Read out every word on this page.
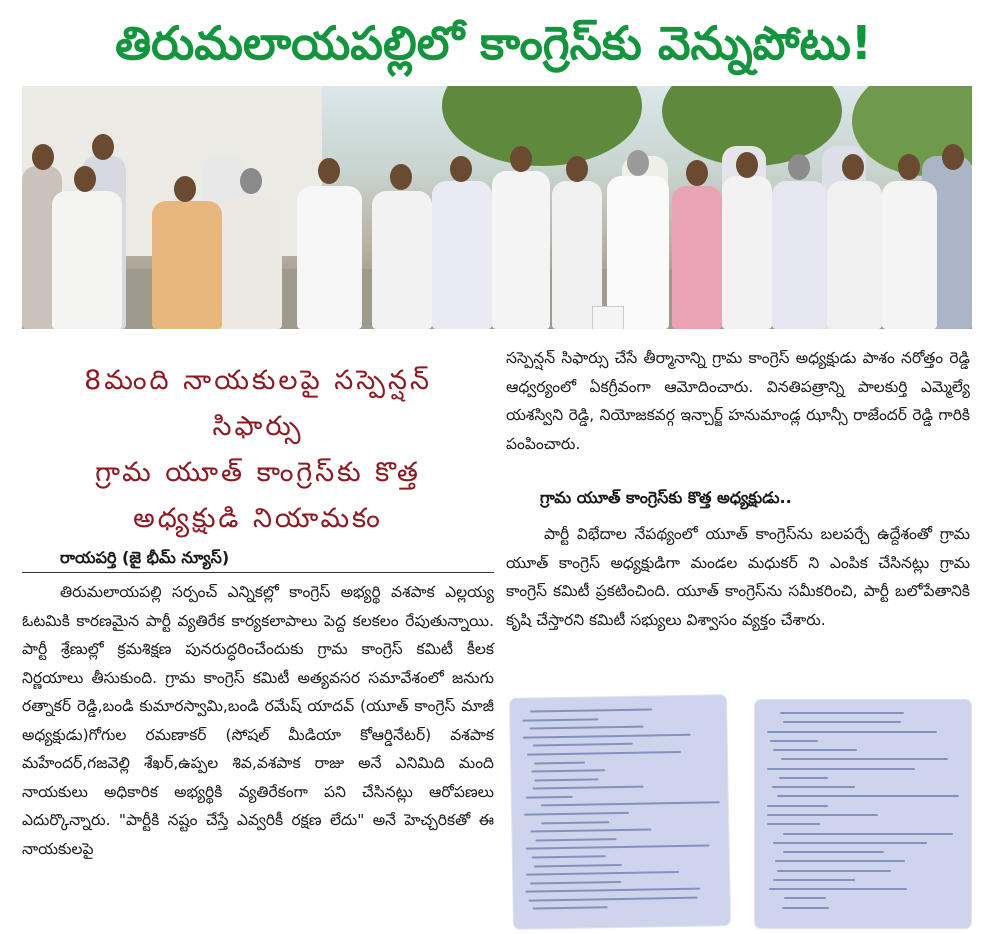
తిరుమలాయపల్లిలో కాంగ్రెస్‌కు వెన్నుపోటు!
8మంది నాయకులపై సస్పెన్షన్
సిఫార్సు
గ్రామ యూత్ కాంగ్రెస్‌కు కొత్త
అధ్యక్షుడి నియామకం
రాయపర్తి (జై భీమ్ న్యూస్)

తిరుమలాయపల్లి సర్పంచ్ ఎన్నికల్లో కాంగ్రెస్ అభ్యర్థి వశపాక ఎల్లయ్య ఓటమికి కారణమైన పార్టీ వ్యతిరేక కార్యకలాపాలు పెద్ద కలకలం రేపుతున్నాయి. పార్టీ శ్రేణుల్లో క్రమశిక్షణ పునరుద్ధరించేందుకు గ్రామ కాంగ్రెస్ కమిటీ కీలక నిర్ణయాలు తీసుకుంది. గ్రామ కాంగ్రెస్ కమిటీ అత్యవసర సమావేశంలో జనుగు రత్నాకర్ రెడ్డి,బండి కుమారస్వామి,బండి రమేష్ యాదవ్ (యూత్ కాంగ్రెస్ మాజీ అధ్యక్షుడు)గోగుల రమణాకర్ (సోషల్ మీడియా కోఆర్డినేటర్) వశపాక మహేందర్,గజవెల్లి శేఖర్,ఉప్పల శివ,వశపాక రాజు అనే ఎనిమిది మంది నాయకులు అధికారిక అభ్యర్థికి వ్యతిరేకంగా పని చేసినట్లు ఆరోపణలు ఎదుర్కొన్నారు. "పార్టీకి నష్టం చేస్తే ఎవ్వరికీ రక్షణ లేదు" అనే హెచ్చరికతో ఈ నాయకులపై

సస్పెన్షన్ సిఫార్సు చేసే తీర్మానాన్ని గ్రామ కాంగ్రెస్ అధ్యక్షుడు పాశం నరోత్తం రెడ్డి ఆధ్వర్యంలో ఏకగ్రీవంగా ఆమోదించారు. వినతిపత్రాన్ని పాలకుర్తి ఎమ్మెల్యే యశస్విని రెడ్డి, నియోజకవర్గ ఇన్చార్జ్ హనుమాండ్ల ఝాన్సీ రాజేందర్ రెడ్డి గారికి పంపించారు.

గ్రామ యూత్ కాంగ్రెస్‌కు కొత్త అధ్యక్షుడు..

పార్టీ విభేదాల నేపథ్యంలో యూత్ కాంగ్రెస్‌ను బలపర్చే ఉద్దేశంతో గ్రామ యూత్ కాంగ్రెస్ అధ్యక్షుడిగా మండల మధుకర్ ని ఎంపిక చేసినట్లు గ్రామ కాంగ్రెస్ కమిటీ ప్రకటించింది. యూత్ కాంగ్రెస్‌ను సమీకరించి, పార్టీ బలోపేతానికి కృషి చేస్తారని కమిటీ సభ్యులు విశ్వాసం వ్యక్తం చేశారు.
